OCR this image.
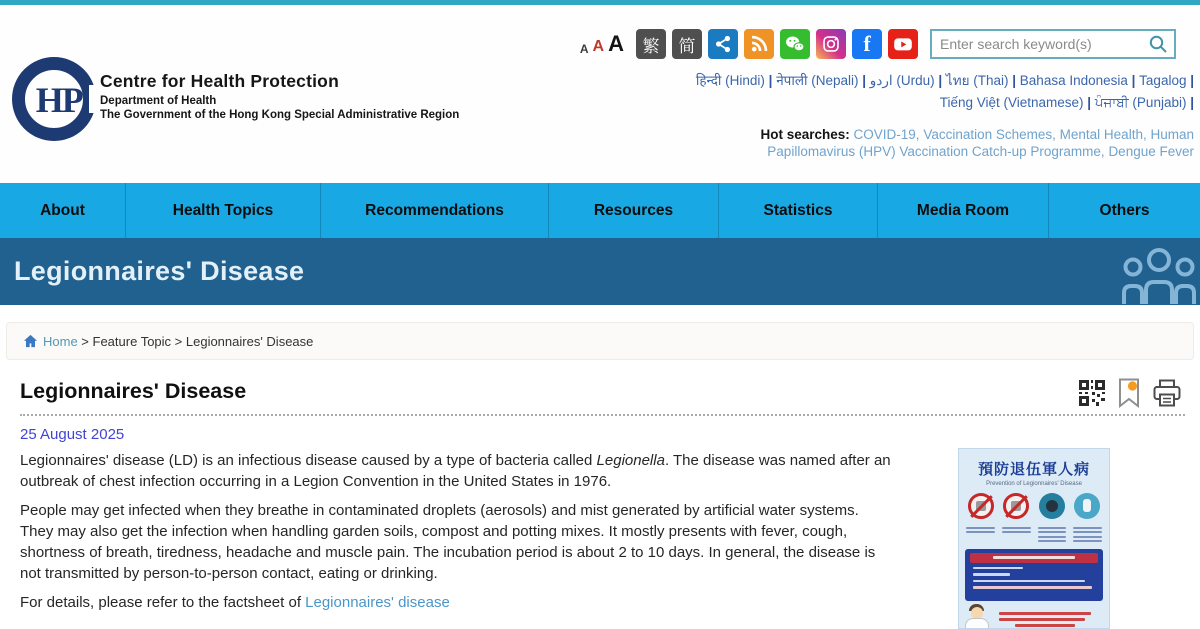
HP Centre for Health Protection
Department of Health
The Government of the Hong Kong Special Administrative Region
A A A	繁	简	f
Enter search keyword(s)
हिन्दी (Hindi) | नेपाली (Nepali) | اردو (Urdu) | ไทย (Thai) | Bahasa Indonesia | Tagalog |
Tiếng Việt (Vietnamese) | ਪੰਜਾਬੀ (Punjabi) |
Hot searches: COVID-19, Vaccination Schemes, Mental Health, Human Papillomavirus (HPV) Vaccination Catch-up Programme, Dengue Fever
About	Health Topics	Recommendations	Resources	Statistics	Media Room	Others
Legionnaires' Disease
Home > Feature Topic > Legionnaires' Disease
Legionnaires' Disease
25 August 2025

Legionnaires' disease (LD) is an infectious disease caused by a type of bacteria called Legionella. The disease was named after an outbreak of chest infection occurring in a Legion Convention in the United States in 1976.

People may get infected when they breathe in contaminated droplets (aerosols) and mist generated by artificial water systems. They may also get the infection when handling garden soils, compost and potting mixes. It mostly presents with fever, cough, shortness of breath, tiredness, headache and muscle pain. The incubation period is about 2 to 10 days. In general, the disease is not transmitted by person-to-person contact, eating or drinking.

For details, please refer to the factsheet of Legionnaires' disease

預防退伍軍人病
Prevention of Legionnaires' Disease
